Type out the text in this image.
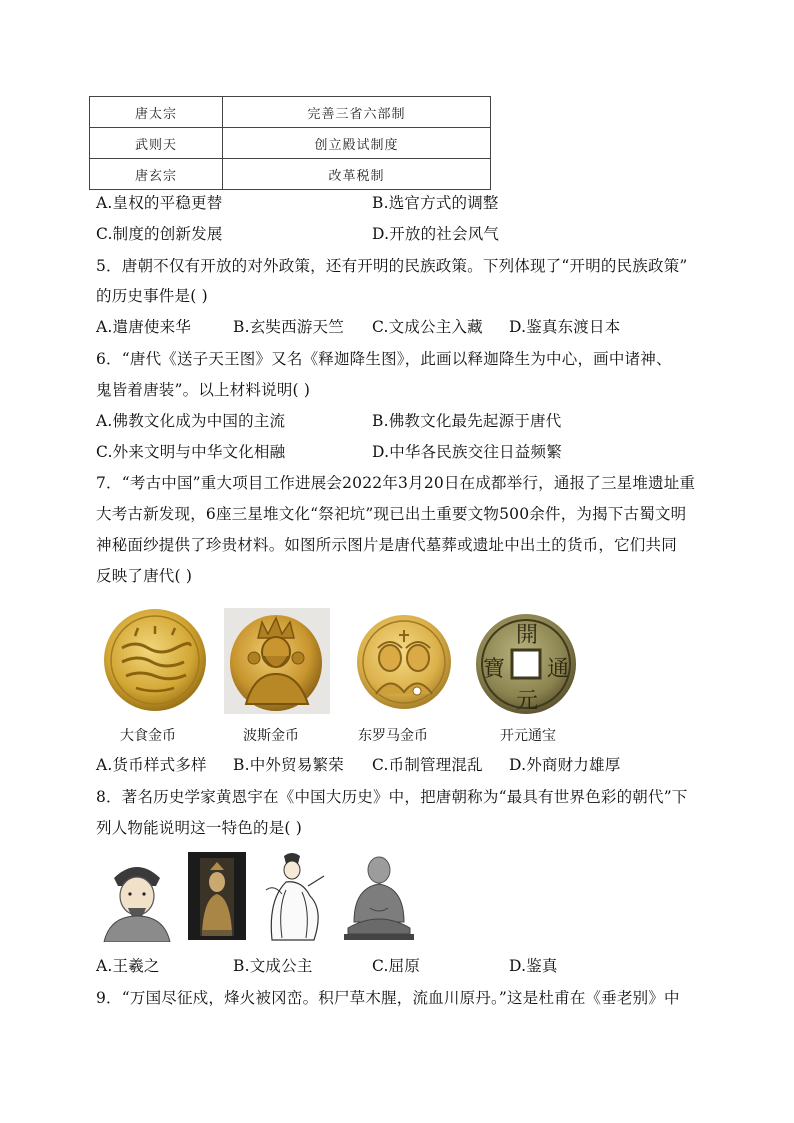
唐太宗	完善三省六部制
武则天	创立殿试制度
唐玄宗	改革税制
A.皇权的平稳更替	B.选官方式的调整
C.制度的创新发展	D.开放的社会风气
5．唐朝不仅有开放的对外政策，还有开明的民族政策。下列体现了“开明的民族政策”
的历史事件是( )
A.遣唐使来华	B.玄奘西游天竺 C.文成公主入藏 D.鉴真东渡日本
6．“唐代《送子天王图》又名《释迦降生图》，此画以释迦降生为中心，画中诸神、
鬼皆着唐装”。以上材料说明( )
A.佛教文化成为中国的主流	B.佛教文化最先起源于唐代
C.外来文明与中华文化相融	D.中华各民族交往日益频繁
7．“考古中国”重大项目工作进展会2022年3月20日在成都举行，通报了三星堆遗址重
大考古新发现，6座三星堆文化“祭祀坑”现已出土重要文物500余件，为揭下古蜀文明
神秘面纱提供了珍贵材料。如图所示图片是唐代墓葬或遗址中出土的货币，它们共同
反映了唐代( )
開
通
元
寶
大食金币	波斯金币	东罗马金币	开元通宝
A.货币样式多样 B.中外贸易繁荣 C.币制管理混乱 D.外商财力雄厚
8．著名历史学家黄恩宇在《中国大历史》中，把唐朝称为“最具有世界色彩的朝代”下
列人物能说明这一特色的是( )
A.王羲之	B.文成公主	C.屈原	D.鉴真
9．“万国尽征戍，烽火被冈峦。积尸草木腥，流血川原丹。”这是杜甫在《垂老别》中
